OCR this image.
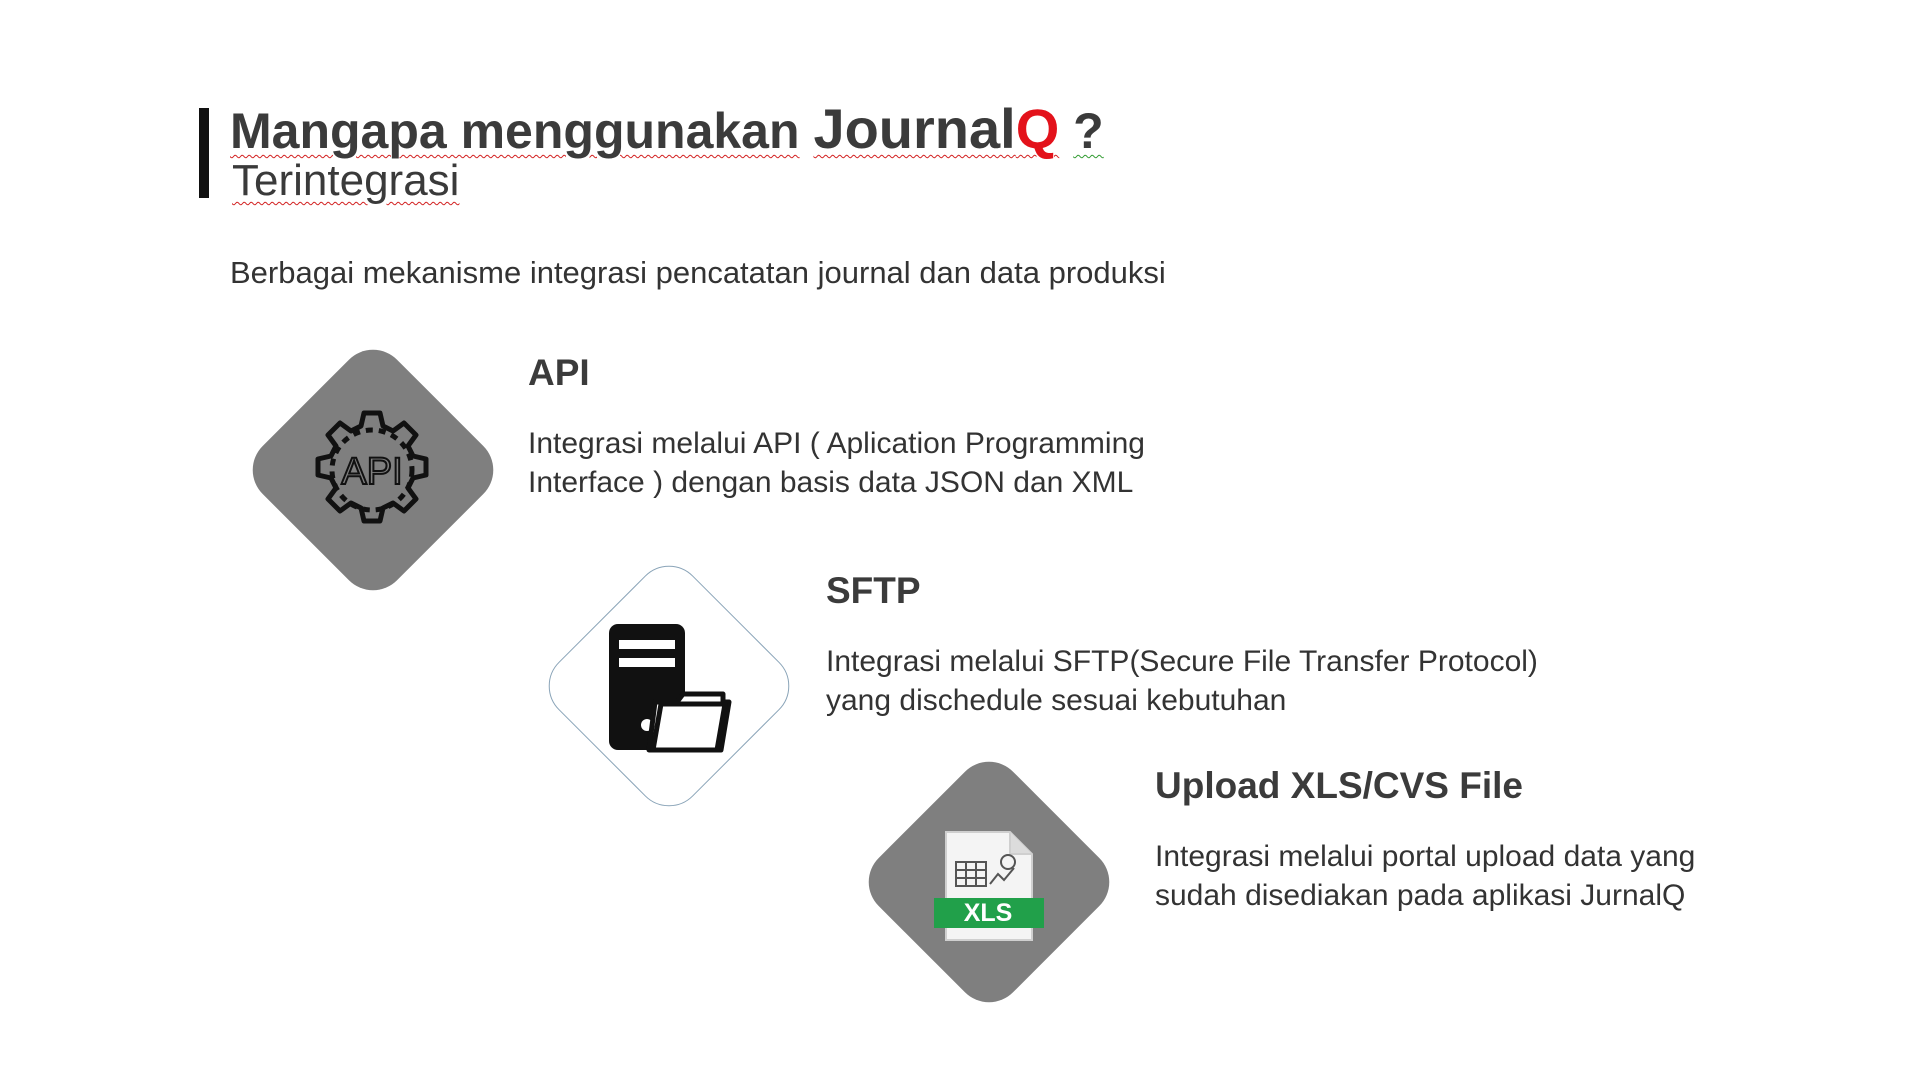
Mangapa menggunakan JournalQ ?
Terintegrasi
Berbagai mekanisme integrasi pencatatan journal dan data produksi
API
API
Integrasi melalui API ( Aplication Programming
Interface ) dengan basis data JSON dan XML
SFTP
Integrasi melalui SFTP(Secure File Transfer Protocol)
yang dischedule sesuai kebutuhan
XLS
Upload XLS/CVS File
Integrasi melalui portal upload data yang
sudah disediakan pada aplikasi JurnalQ
